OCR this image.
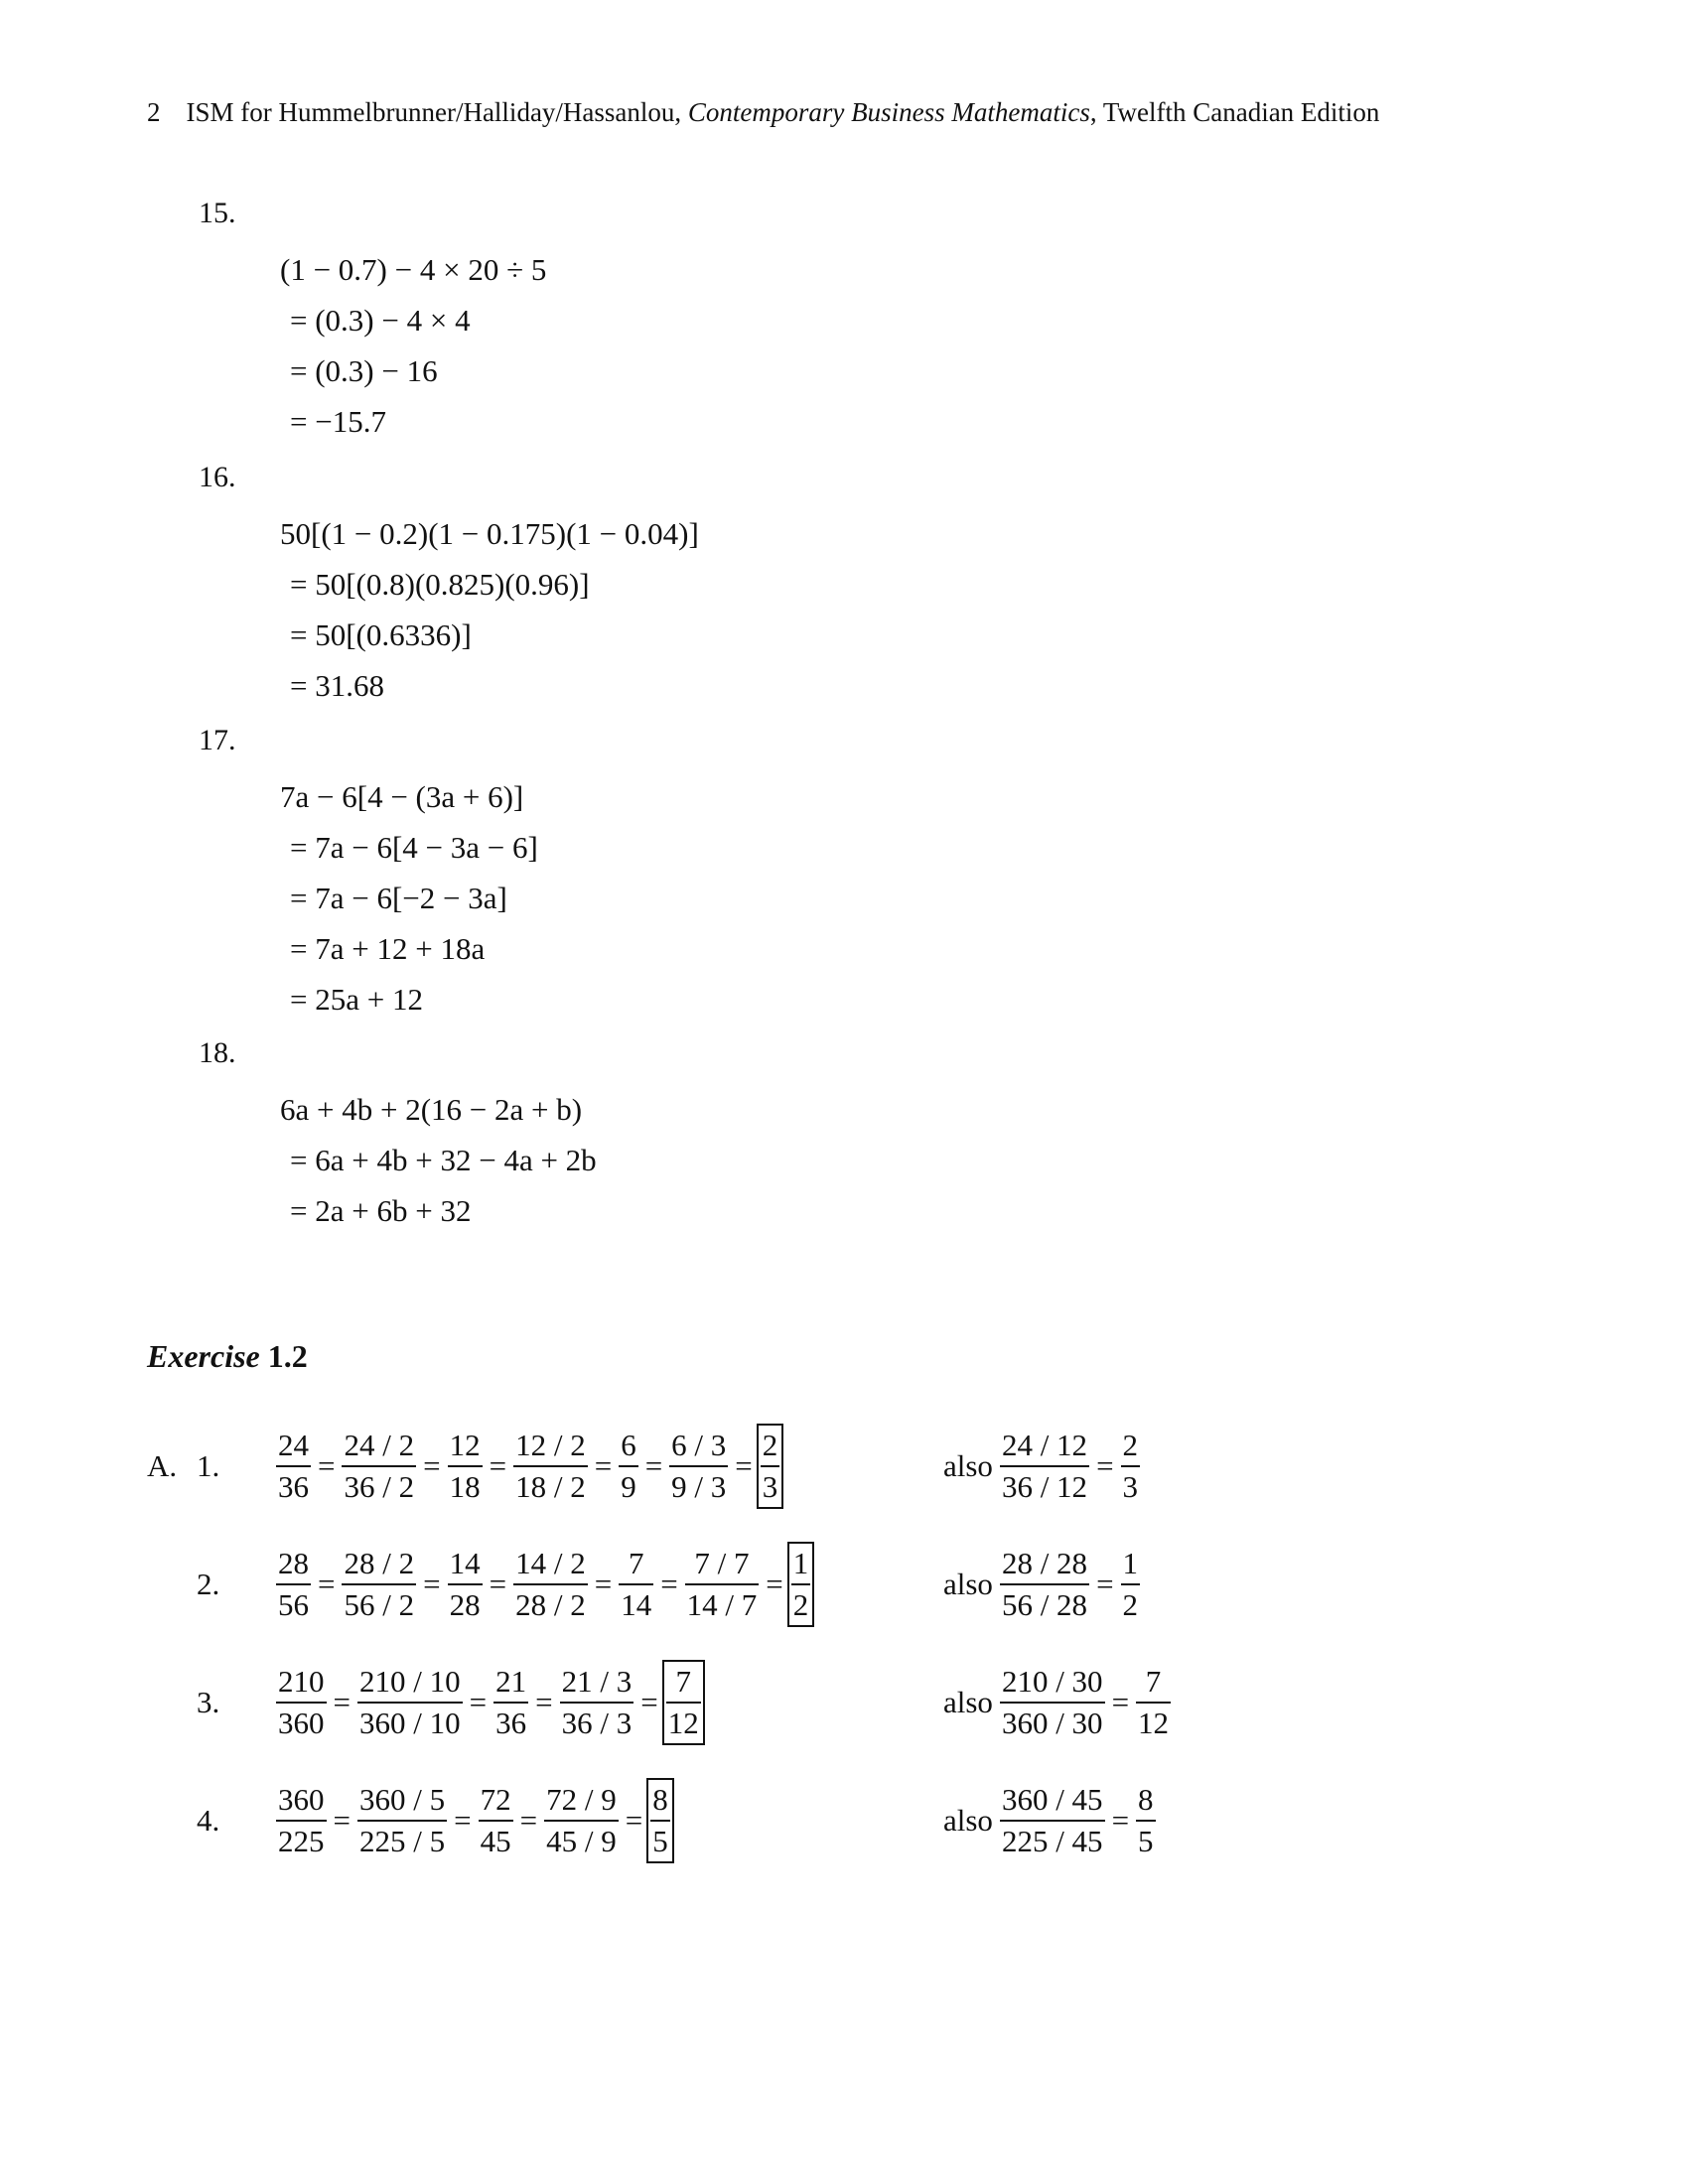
2 ISM for Hummelbrunner/Halliday/Hassanlou, Contemporary Business Mathematics, Twelfth Canadian Edition
15.
(1 − 0.7) − 4 × 20 ÷ 5
= (0.3) − 4 × 4
= (0.3) − 16
= −15.7
16.
50[(1 − 0.2)(1 − 0.175)(1 − 0.04)]
= 50[(0.8)(0.825)(0.96)]
= 50[(0.6336)]
= 31.68
17.
7a − 6[4 − (3a + 6)]
= 7a − 6[4 − 3a − 6]
= 7a − 6[−2 − 3a]
= 7a + 12 + 18a
= 25a + 12
18.
6a + 4b + 2(16 − 2a + b)
= 6a + 4b + 32 − 4a + 2b
= 2a + 6b + 32
Exercise 1.2
A. 1. $\frac{24}{36} = \frac{24 / 2}{36 / 2} = \frac{12}{18} = \frac{12 / 2}{18 / 2} = \frac{6}{9} = \frac{6 / 3}{9 / 3} = \frac{2}{3}$	also $\frac{24 / 12}{36 / 12} = \frac{2}{3}$
2. $\frac{28}{56} = \frac{28 / 2}{56 / 2} = \frac{14}{28} = \frac{14 / 2}{28 / 2} = \frac{7}{14} = \frac{7 / 7}{14 / 7} = \frac{1}{2}$	also $\frac{28 / 28}{56 / 28} = \frac{1}{2}$
3. $\frac{210}{360} = \frac{210 / 10}{360 / 10} = \frac{21}{36} = \frac{21 / 3}{36 / 3} = \frac{7}{12}$	also $\frac{210 / 30}{360 / 30} = \frac{7}{12}$
4. $\frac{360}{225} = \frac{360 / 5}{225 / 5} = \frac{72}{45} = \frac{72 / 9}{45 / 9} = \frac{8}{5}$	also $\frac{360 / 45}{225 / 45} = \frac{8}{5}$
